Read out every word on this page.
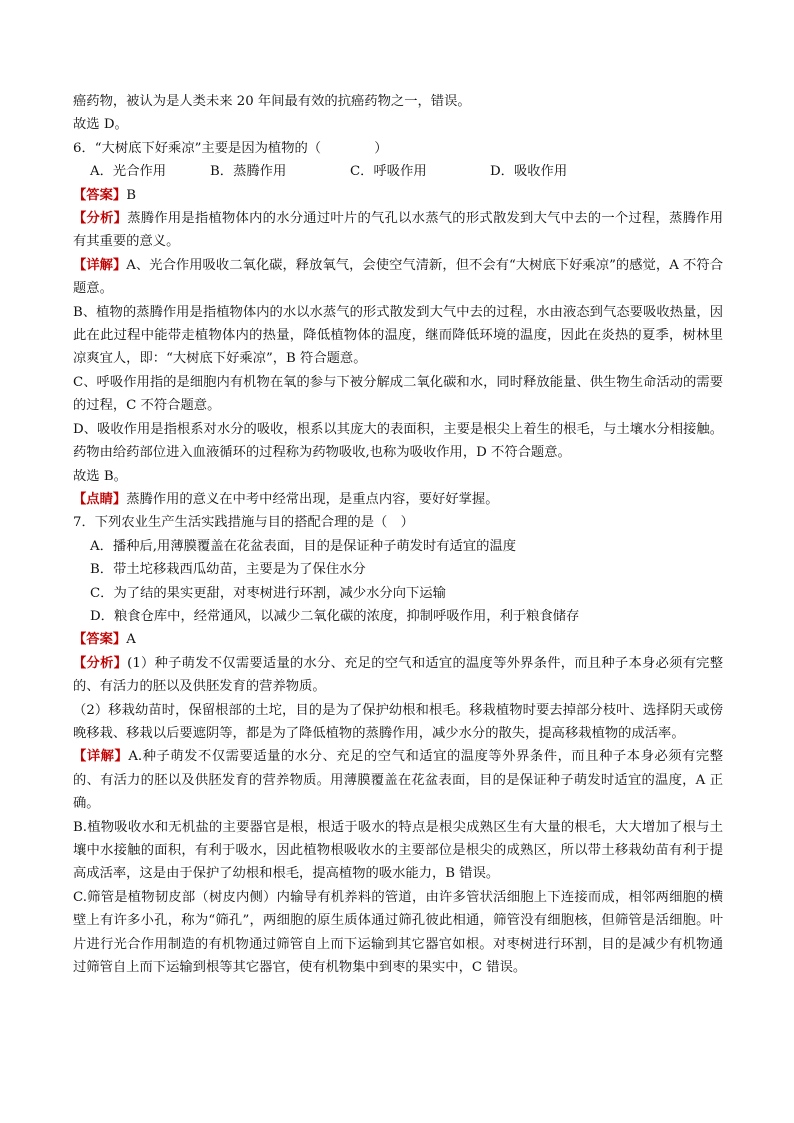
癌药物，被认为是人类未来 20 年间最有效的抗癌药物之一，错误。

故选 D。

6．“大树底下好乘凉”主要是因为植物的（　　　　）

A．光合作用	B．蒸腾作用	C．呼吸作用	D．吸收作用

【答案】B

【分析】蒸腾作用是指植物体内的水分通过叶片的气孔以水蒸气的形式散发到大气中去的一个过程，蒸腾作用有其重要的意义。

【详解】A、光合作用吸收二氧化碳，释放氧气，会使空气清新，但不会有“大树底下好乘凉”的感觉，A 不符合题意。

B、植物的蒸腾作用是指植物体内的水以水蒸气的形式散发到大气中去的过程，水由液态到气态要吸收热量，因此在此过程中能带走植物体内的热量，降低植物体的温度，继而降低环境的温度，因此在炎热的夏季，树林里凉爽宜人，即：“大树底下好乘凉”，B 符合题意。

C、呼吸作用指的是细胞内有机物在氧的参与下被分解成二氧化碳和水，同时释放能量、供生物生命活动的需要的过程，C 不符合题意。

D、吸收作用是指根系对水分的吸收，根系以其庞大的表面积，主要是根尖上着生的根毛，与土壤水分相接触。药物由给药部位进入血液循环的过程称为药物吸收,也称为吸收作用，D 不符合题意。

故选 B。

【点睛】蒸腾作用的意义在中考中经常出现，是重点内容，要好好掌握。

7．下列农业生产生活实践措施与目的搭配合理的是（　）

A．播种后,用薄膜覆盖在花盆表面，目的是保证种子萌发时有适宜的温度

B．带土坨移栽西瓜幼苗，主要是为了保住水分

C．为了结的果实更甜，对枣树进行环割，减少水分向下运输

D．粮食仓库中，经常通风，以减少二氧化碳的浓度，抑制呼吸作用，利于粮食储存

【答案】A

【分析】(1）种子萌发不仅需要适量的水分、充足的空气和适宜的温度等外界条件，而且种子本身必须有完整的、有活力的胚以及供胚发育的营养物质。

（2）移栽幼苗时，保留根部的土坨，目的是为了保护幼根和根毛。移栽植物时要去掉部分枝叶、选择阴天或傍晚移栽、移栽以后要遮阴等，都是为了降低植物的蒸腾作用，减少水分的散失，提高移栽植物的成活率。

【详解】A.种子萌发不仅需要适量的水分、充足的空气和适宜的温度等外界条件，而且种子本身必须有完整的、有活力的胚以及供胚发育的营养物质。用薄膜覆盖在花盆表面，目的是保证种子萌发时适宜的温度，A 正确。

B.植物吸收水和无机盐的主要器官是根，根适于吸水的特点是根尖成熟区生有大量的根毛，大大增加了根与土壤中水接触的面积，有利于吸水，因此植物根吸收水的主要部位是根尖的成熟区，所以带土移栽幼苗有利于提高成活率，这是由于保护了幼根和根毛，提高植物的吸水能力，B 错误。

C.筛管是植物韧皮部（树皮内侧）内输导有机养料的管道，由许多管状活细胞上下连接而成，相邻两细胞的横壁上有许多小孔，称为“筛孔”，两细胞的原生质体通过筛孔彼此相通，筛管没有细胞核，但筛管是活细胞。叶片进行光合作用制造的有机物通过筛管自上而下运输到其它器官如根。对枣树进行环割，目的是减少有机物通过筛管自上而下运输到根等其它器官，使有机物集中到枣的果实中，C 错误。
